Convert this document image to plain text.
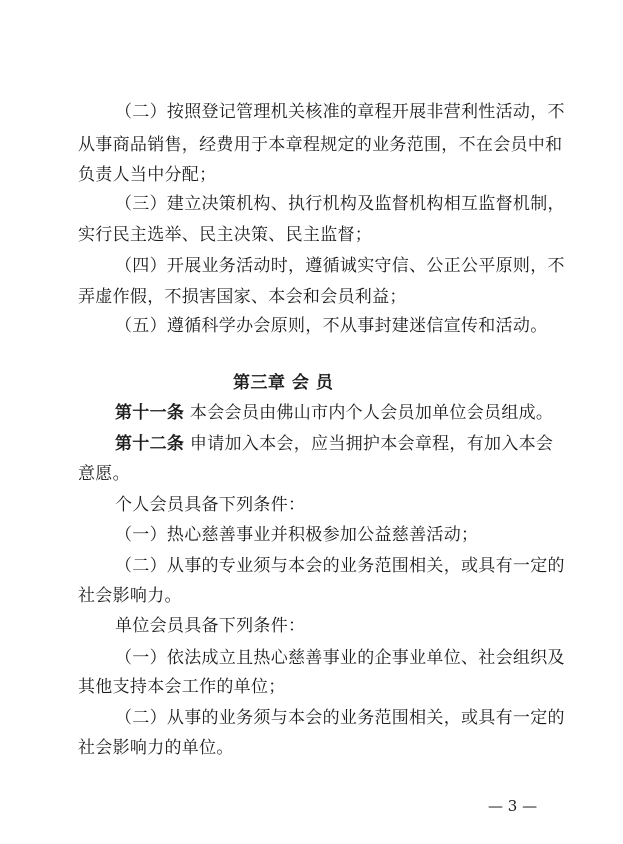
（二）按照登记管理机关核准的章程开展非营利性活动，不
从事商品销售，经费用于本章程规定的业务范围，不在会员中和
负责人当中分配；
（三）建立决策机构、执行机构及监督机构相互监督机制，
实行民主选举、民主决策、民主监督；
（四）开展业务活动时，遵循诚实守信、公正公平原则，不
弄虚作假，不损害国家、本会和会员利益；
（五）遵循科学办会原则，不从事封建迷信宣传和活动。
第三章 会 员
第十一条 本会会员由佛山市内个人会员加单位会员组成。
第十二条 申请加入本会，应当拥护本会章程，有加入本会
意愿。
个人会员具备下列条件：
（一）热心慈善事业并积极参加公益慈善活动；
（二）从事的专业须与本会的业务范围相关，或具有一定的
社会影响力。
单位会员具备下列条件：
（一）依法成立且热心慈善事业的企事业单位、社会组织及
其他支持本会工作的单位；
（二）从事的业务须与本会的业务范围相关，或具有一定的
社会影响力的单位。
— 3 —
